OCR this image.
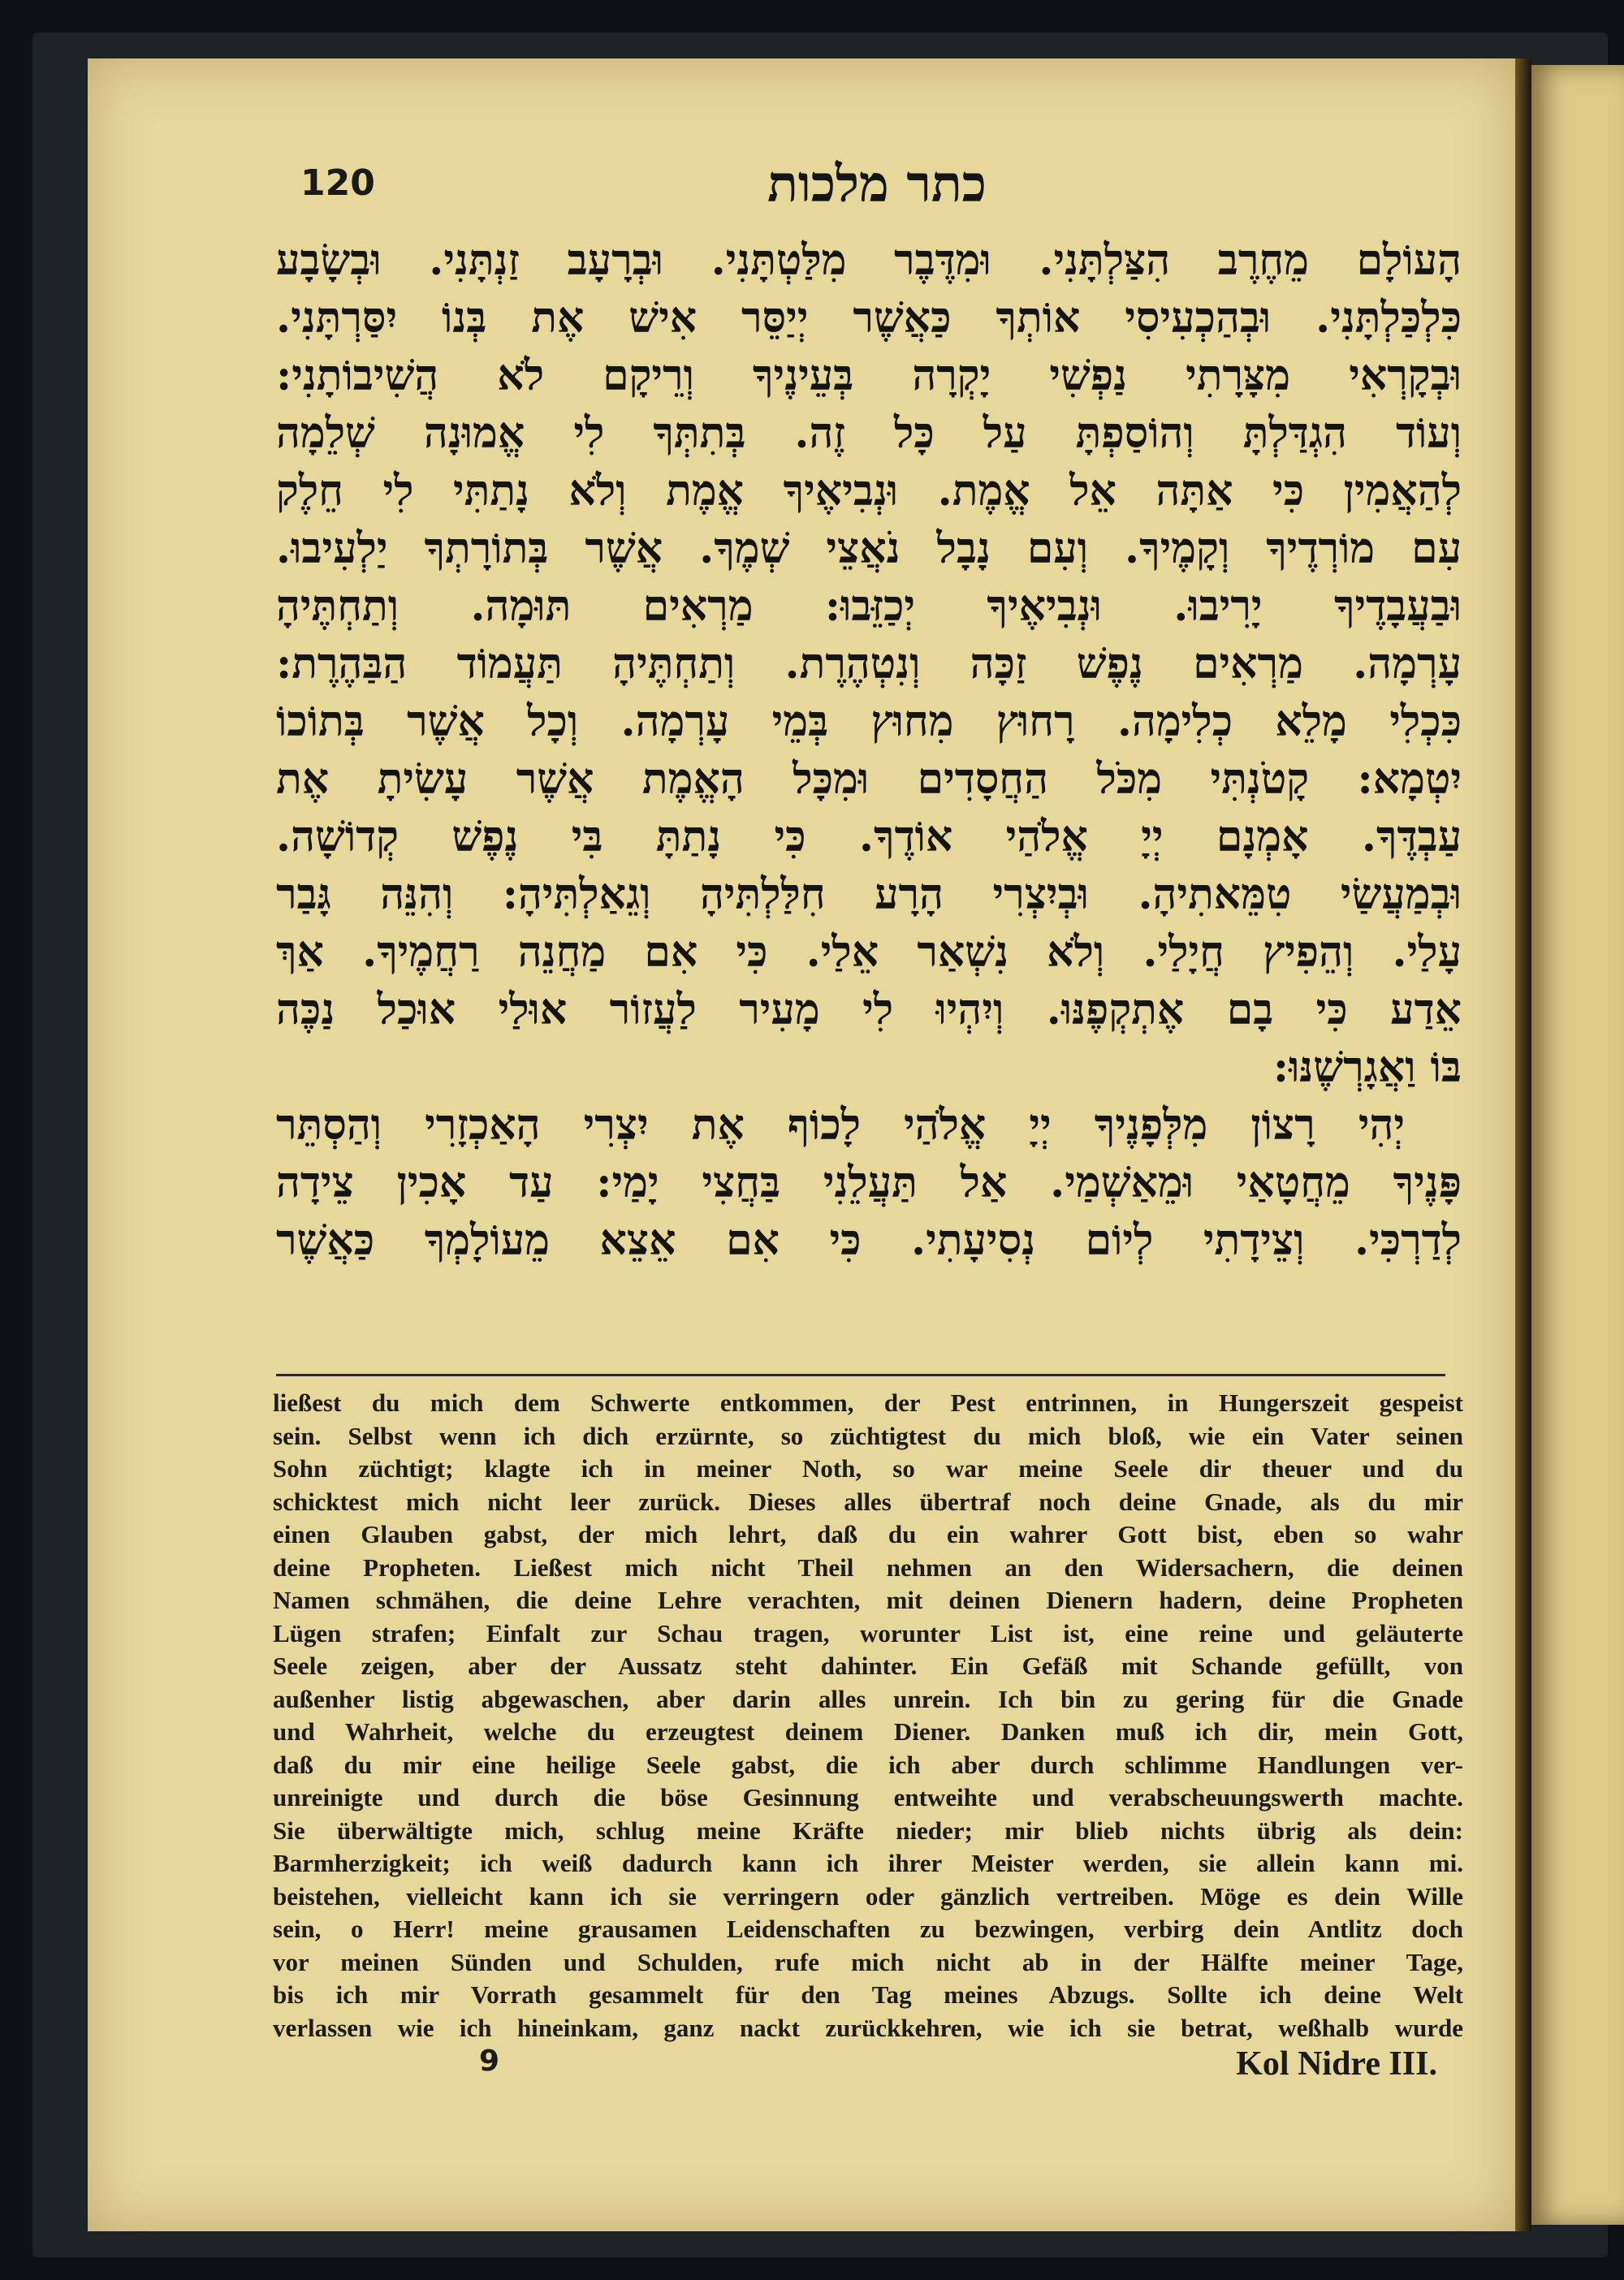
120	כתר מלכות
הָעוֹלָם מֵחֶרֶב הִצַּלְתָּנִי. וּמִדֶּבֶר מִלַּטְתָּנִי. וּבְרָעָב זַנְתָּנִי. וּבְשָׂבָע
כִּלְכַּלְתָּנִי. וּבְהַכְעִיסִי אוֹתְךָ כַּאֲשֶׁר יְיַסֵּר אִישׁ אֶת בְּנוֹ יִסַּרְתָּנִי.
וּבְקָרְאִי מִצָּרָתִי נַפְשִׁי יָקְרָה בְּעֵינֶיךָ וְרֵיקָם לֹא הֲשִׁיבוֹתָנִי:
וְעוֹד הִגְדַּלְתָּ וְהוֹסַפְתָּ עַל כָּל זֶה. בְּתִתְּךָ לִי אֱמוּנָה שְׁלֵמָה
לְהַאֲמִין כִּי אַתָּה אֵל אֱמֶת. וּנְבִיאֶיךָ אֱמֶת וְלֹא נָתַתִּי לִי חֵלֶק
עִם מוֹרְדֶיךָ וְקָמֶיךָ. וְעִם נָבָל נֹאֲצֵי שְׁמֶךָ. אֲשֶׁר בְּתוֹרָתְךָ יַלְעִיבוּ.
וּבַעֲבָדֶיךָ יָרִיבוּ. וּנְבִיאֶיךָ יְכַזֵּבוּ: מַרְאִים תּוּמָה. וְתַחְתֶּיהָ
עָרְמָה. מַרְאִים נֶפֶשׁ זַכָּה וְנִטְהֶרֶת. וְתַחְתֶּיהָ תַּעֲמוֹד הַבַּהֶרֶת:
כִּכְלִי מָלֵא כְלִימָה. רָחוּץ מִחוּץ בְּמֵי עָרְמָה. וְכָל אֲשֶׁר בְּתוֹכוֹ
יִטְמָא: קָטֹנְתִּי מִכֹּל הַחֲסָדִים וּמִכָּל הָאֱמֶת אֲשֶׁר עָשִׂיתָ אֶת
עַבְדֶּךָ. אָמְנָם יְיָ אֱלֹהַי אוֹדֶךָ. כִּי נָתַתָּ בִּי נֶפֶשׁ קְדוֹשָׁה.
וּבְמַעֲשַׂי טִמֵּאתִיהָ. וּבְיִצְרִי הָרָע חִלַּלְתִּיהָ וְגֵאַלְתִּיהָ: וְהִנֵּה גָּבַר
עָלַי. וְהֵפִיץ חֲיָלַי. וְלֹא נִשְׁאַר אֵלַי. כִּי אִם מַחֲנֵה רַחֲמֶיךָ. אַךְ
אֵדַע כִּי בָם אֶתְקְפֶנּוּ. וְיִהְיוּ לִי מָעִיר לַעֲזוֹר אוּלַי אוּכַל נַכֶּה
בּוֹ וַאֲגָרְשֶׁנּוּ:
יְהִי רָצוֹן מִלְּפָנֶיךָ יְיָ אֱלֹהַי לָכוֹף אֶת יִצְרִי הָאַכְזָרִי וְהַסְתֵּר
פָּנֶיךָ מֵחֲטָאַי וּמֵאַשְׁמַי. אַל תַּעֲלֵנִי בַּחֲצִי יָמַי: עַד אָכִין צֵידָה
לְדַרְכִּי. וְצֵידָתִי לְיוֹם נְסִיעָתִי. כִּי אִם אֵצֵא מֵעוֹלָמְךָ כַּאֲשֶׁר
ließest du mich dem Schwerte entkommen, der Pest entrinnen, in Hungerszeit gespeist
sein. Selbst wenn ich dich erzürnte, so züchtigtest du mich bloß, wie ein Vater seinen
Sohn züchtigt; klagte ich in meiner Noth, so war meine Seele dir theuer und du
schicktest mich nicht leer zurück. Dieses alles übertraf noch deine Gnade, als du mir
einen Glauben gabst, der mich lehrt, daß du ein wahrer Gott bist, eben so wahr
deine Propheten. Ließest mich nicht Theil nehmen an den Widersachern, die deinen
Namen schmähen, die deine Lehre verachten, mit deinen Dienern hadern, deine Propheten
Lügen strafen; Einfalt zur Schau tragen, worunter List ist, eine reine und geläuterte
Seele zeigen, aber der Aussatz steht dahinter. Ein Gefäß mit Schande gefüllt, von
außenher listig abgewaschen, aber darin alles unrein. Ich bin zu gering für die Gnade
und Wahrheit, welche du erzeugtest deinem Diener. Danken muß ich dir, mein Gott,
daß du mir eine heilige Seele gabst, die ich aber durch schlimme Handlungen ver-
unreinigte und durch die böse Gesinnung entweihte und verabscheuungswerth machte.
Sie überwältigte mich, schlug meine Kräfte nieder; mir blieb nichts übrig als dein:
Barmherzigkeit; ich weiß dadurch kann ich ihrer Meister werden, sie allein kann mi.
beistehen, vielleicht kann ich sie verringern oder gänzlich vertreiben. Möge es dein Wille
sein, o Herr! meine grausamen Leidenschaften zu bezwingen, verbirg dein Antlitz doch
vor meinen Sünden und Schulden, rufe mich nicht ab in der Hälfte meiner Tage,
bis ich mir Vorrath gesammelt für den Tag meines Abzugs. Sollte ich deine Welt
verlassen wie ich hineinkam, ganz nackt zurückkehren, wie ich sie betrat, weßhalb wurde
9	Kol Nidre III.
